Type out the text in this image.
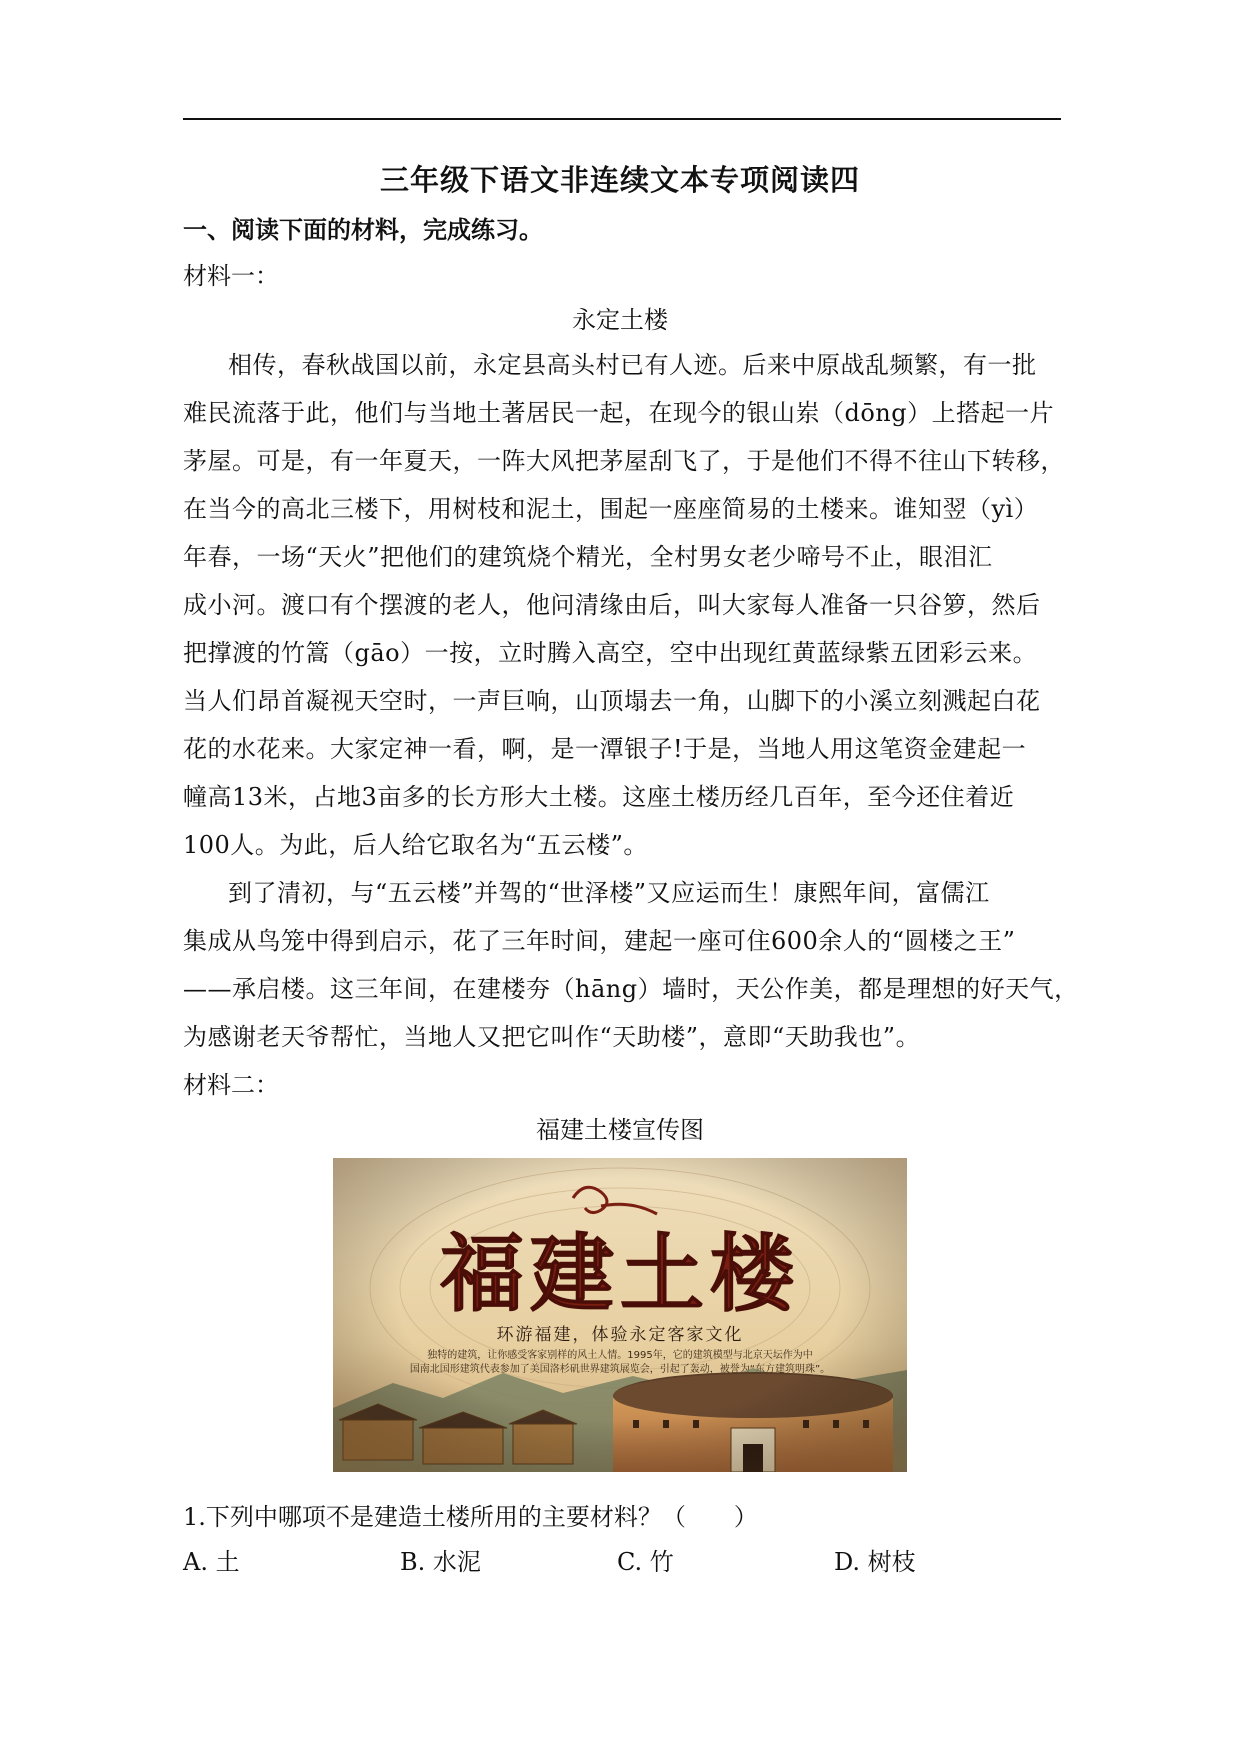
三年级下语文非连续文本专项阅读四
一、阅读下面的材料，完成练习。
材料一：
永定土楼
相传，春秋战国以前，永定县高头村已有人迹。后来中原战乱频繁，有一批
难民流落于此，他们与当地土著居民一起，在现今的银山岽（dōng）上搭起一片
茅屋。可是，有一年夏天，一阵大风把茅屋刮飞了，于是他们不得不往山下转移，
在当今的高北三楼下，用树枝和泥土，围起一座座简易的土楼来。谁知翌（yì）
年春，一场“天火”把他们的建筑烧个精光，全村男女老少啼号不止，眼泪汇
成小河。渡口有个摆渡的老人，他问清缘由后，叫大家每人准备一只谷箩，然后
把撑渡的竹篙（gāo）一按，立时腾入高空，空中出现红黄蓝绿紫五团彩云来。
当人们昂首凝视天空时，一声巨响，山顶塌去一角，山脚下的小溪立刻溅起白花
花的水花来。大家定神一看，啊，是一潭银子!于是，当地人用这笔资金建起一
幢高13米，占地3亩多的长方形大土楼。这座土楼历经几百年，至今还住着近
100人。为此，后人给它取名为“五云楼”。
到了清初，与“五云楼”并驾的“世泽楼”又应运而生！康熙年间，富儒江
集成从鸟笼中得到启示，花了三年时间，建起一座可住600余人的“圆楼之王”
——承启楼。这三年间，在建楼夯（hāng）墙时，天公作美，都是理想的好天气，
为感谢老天爷帮忙，当地人又把它叫作“天助楼”，意即“天助我也”。
材料二：
福建土楼宣传图
1.下列中哪项不是建造土楼所用的主要材料？（　　）
A. 土	B. 水泥	C. 竹	D. 树枝
